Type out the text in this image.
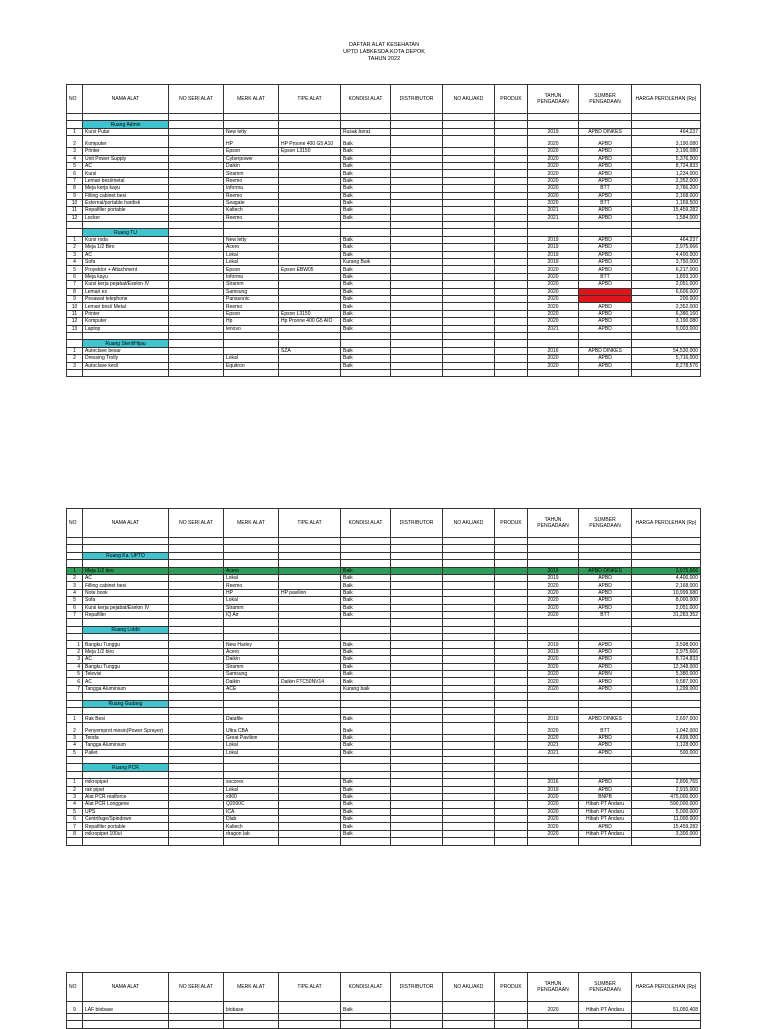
DAFTAR ALAT KESEHATAN
UPTD LABKESDA KOTA DEPOK
TAHUN 2022
NO	NAMA ALAT	NO SERI ALAT	MERK ALAT	TIPE ALAT	KONDISI ALAT	DISTRIBUTOR	NO AKL/AKD	PRODUK	TAHUN PENGADAAN	SUMBER PENGADAAN	HARGA PEROLEHAN (Rp)

	Ruang Admin										
1	Kursi Putar		New letty		Rusak berat				2019	APBD DINKES	464,237
2	Komputer		HP	HP Proone 400 G5 A10	Baik				2020	APBD	3,190,080
3	Printer		Epson	Epson L3150	Baik				2020	APBD	3,190,080
4	Unit Power Supply		Cyberpower		Baik				2020	APBD	5,376,000
5	AC		Daikin		Baik				2020	APBD	8,724,833
6	Kursi		Stramm		Baik				2020	APBD	1,234,000
7	Lemari besi/metal		Reemo		Baik				2020	APBD	2,352,000
8	Meja kerja kayu		Informa		Baik				2020	BTT	3,786,200
9	Filling cabinet besi		Reemo		Baik				2020	APBD	2,168,000
10	External/portable hardisk		Seagate		Baik				2020	BTT	1,169,500
11	Repafiller portable		Kaltech		Baik				2021	APBD	15,459,282
12	Locker		Reemo		Baik				2021	APBD	1,584,000

	Ruang TU										
1	Kursi roda		New letty		Baik				2019	APBD	464,237
2	Meja 1/2 Biro		Acero		Baik				2019	APBD	2,975,666
3	AC		Lokal		Baik				2019	APBD	4,400,000
4	Sofa		Lokal		Kurang Baik				2019	APBD	3,750,000
5	Proyektor + Attachment		Epson	Epson EBW05	Baik				2020	APBD	6,217,000
6	Meja kayu		Informa		Baik				2020	BTT	1,893,100
7	Kursi kerja pejabat/Eselon IV		Stramm		Baik				2020	APBD	2,051,000
8	Lemari es		Samsung		Baik				2020	APBD	6,606,000
9	Pesawat telephone		Panasonic		Baik				2020	APBD	200,000
10	Lemari besi/ Metal		Reemo		Baik				2020	APBD	2,352,000
11	Printer		Epson	Epson L3150	Baik				2020	APBD	6,380,160
12	Komputer		Hp	Hp Proone 400 G5 AIO	Baik				2020	APBD	3,190,080
13	Laptop		lenovo		Baik				2021	APBD	9,003,000

	Ruang Steril/Hijau										
1	Autoclave besar			SZA	Baik				2016	APBD DINKES	54,530,000
2	Dressing Trolly		Lokal		Baik				2020	APBD	5,716,000
3	Autoclave kecil		Equitron		Baik				2020	APBD	8,278,576

NO	NAMA ALAT	NO SERI ALAT	MERK ALAT	TIPE ALAT	KONDISI ALAT	DISTRIBUTOR	NO AKL/AKD	PRODUK	TAHUN PENGADAAN	SUMBER PENGADAAN	HARGA PEROLEHAN (Rp)

	Ruang Ka. UPTD										

1	Meja 1/2 biro		Acero		Baik				2019	APBD DINKES	2,975,666
2	AC		Lokal		Baik				2019	APBD	4,400,000
3	Filling cabinet besi		Reemo		Baik				2020	APBD	2,168,000
4	Note book		HP	HP pavilion	Baik				2020	APBD	10,999,680
5	Sofa		Lokal		Baik				2020	APBD	8,000,000
6	Kursi kerja pejabat/Eselon IV		Stramm		Baik				2020	APBD	2,051,000
7	Repafiller		IQ Air		Baik				2020	BTT	31,283,352

	Ruang Lobbi										

1	Bangku Tunggu		New Harley		Baik				2019	APBD	3,598,000
2	Meja 1/2 biro		Acero		Baik				2019	APBD	2,975,666
3	AC		Daikin		Baik				2020	APBD	8,724,833
4	Bangku Tunggu		Stramm		Baik				2020	APBD	12,348,000
5	Televisi		Samsung		Baik				2020	APBN	5,380,000
6	AC		Daikin	Daikin FTC50NV14	Baik				2020	APBD	9,587,000
7	Tangga Aluminium		ACE		Kurang baik				2020	APBD	1,299,000

	Ruang Gudang										

1	Rak Besi		Datafile		Baik				2019	APBD DINKES	2,697,000
2	Penyemprot mesin(Power Sprayer)		Ultra CBA		Baik				2020	BTT	1,042,000
3	Tenda		Great Pavilion		Baik				2020	APBD	4,699,000
4	Tangga Aluminium		Lokal		Baik				2021	APBD	1,128,000
5	Pallet		Lokal		Baik				2021	APBD	500,000

	Ruang PCR										

1	mikropipet		socorex		Baik				2016	APBD	2,806,765
2	rak pipet		Lokal		Baik				2019	APBD	2,915,000
3	Alat PCR realforce		x960		Baik				2020	BNPB	475,000,000
4	Alat PCR Longgene		Q2000C		Baik				2020	Hibah PT Andaru	590,000,000
5	UPS		ICA		Baik				2020	Hibah PT Andaru	5,000,000
6	Centrifuge/Spindown		Dlab		Baik				2020	Hibah PT Andaru	11,000,000
7	Repafiller portable		Kaltech		Baik				2020	APBD	15,459,282
8	mikropipet 100ul		dragon lab		Baik				2020	Hibah PT Andaru	3,300,000

NO	NAMA ALAT	NO SERI ALAT	MERK ALAT	TIPE ALAT	KONDISI ALAT	DISTRIBUTOR	NO AKL/AKD	PRODUK	TAHUN PENGADAAN	SUMBER PENGADAAN	HARGA PEROLEHAN (Rp)
9	LAF biobase		biobase		Baik				2020	Hibah PT Andaru	51,050,408
